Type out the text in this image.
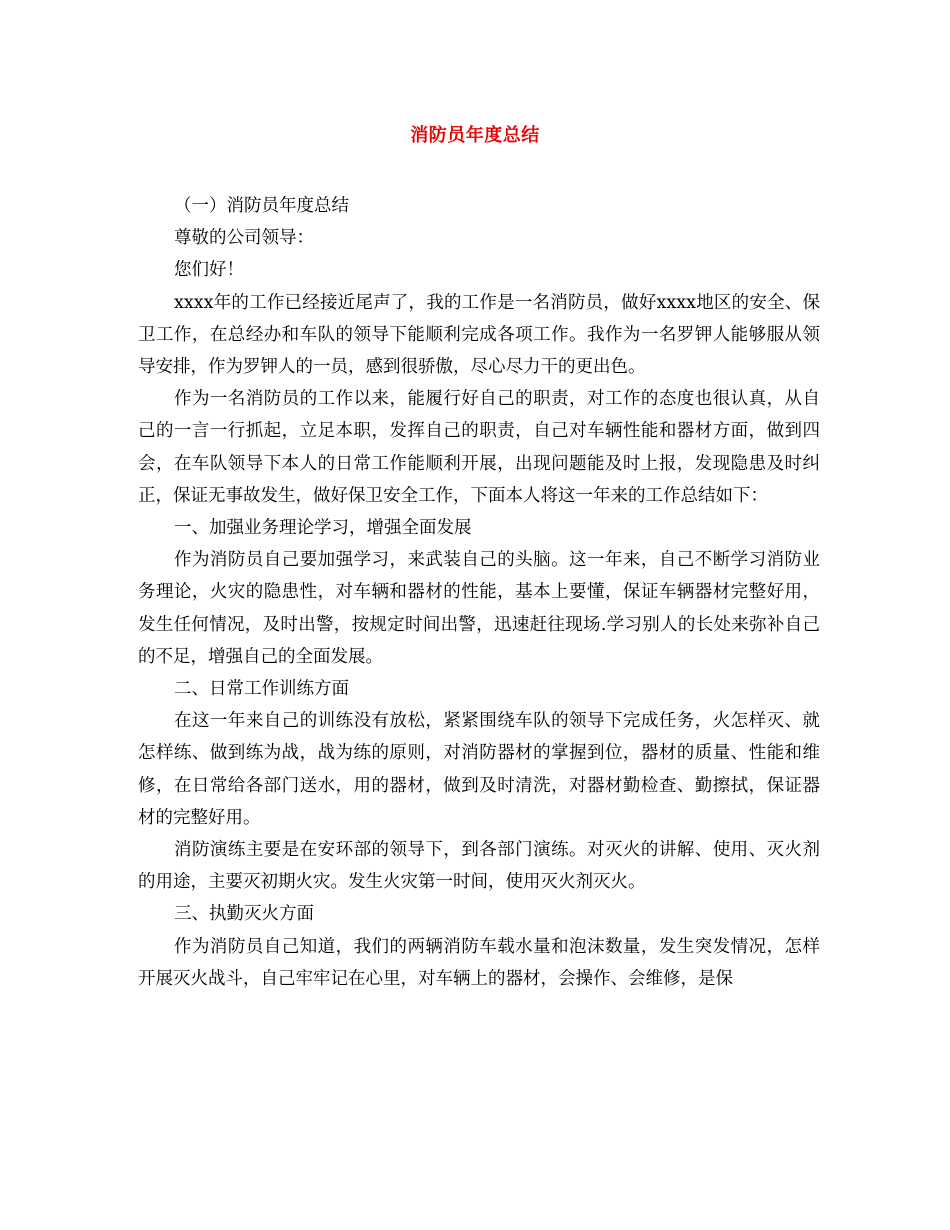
消防员年度总结

（一）消防员年度总结

尊敬的公司领导：

您们好！

xxxx年的工作已经接近尾声了，我的工作是一名消防员，做好xxxx地区的安全、保卫工作，在总经办和车队的领导下能顺利完成各项工作。我作为一名罗钾人能够服从领导安排，作为罗钾人的一员，感到很骄傲，尽心尽力干的更出色。

作为一名消防员的工作以来，能履行好自己的职责，对工作的态度也很认真，从自己的一言一行抓起，立足本职，发挥自己的职责，自己对车辆性能和器材方面，做到四会，在车队领导下本人的日常工作能顺利开展，出现问题能及时上报，发现隐患及时纠正，保证无事故发生，做好保卫安全工作，下面本人将这一年来的工作总结如下：

一、加强业务理论学习，增强全面发展

作为消防员自己要加强学习，来武装自己的头脑。这一年来，自己不断学习消防业务理论，火灾的隐患性，对车辆和器材的性能，基本上要懂，保证车辆器材完整好用，发生任何情况，及时出警，按规定时间出警，迅速赶往现场.学习别人的长处来弥补自己的不足，增强自己的全面发展。

二、日常工作训练方面

在这一年来自己的训练没有放松，紧紧围绕车队的领导下完成任务，火怎样灭、就怎样练、做到练为战，战为练的原则，对消防器材的掌握到位，器材的质量、性能和维修，在日常给各部门送水，用的器材，做到及时清洗，对器材勤检查、勤擦拭，保证器材的完整好用。

消防演练主要是在安环部的领导下，到各部门演练。对灭火的讲解、使用、灭火剂的用途，主要灭初期火灾。发生火灾第一时间，使用灭火剂灭火。

三、执勤灭火方面

作为消防员自己知道，我们的两辆消防车载水量和泡沫数量，发生突发情况，怎样开展灭火战斗，自己牢牢记在心里，对车辆上的器材，会操作、会维修，是保
